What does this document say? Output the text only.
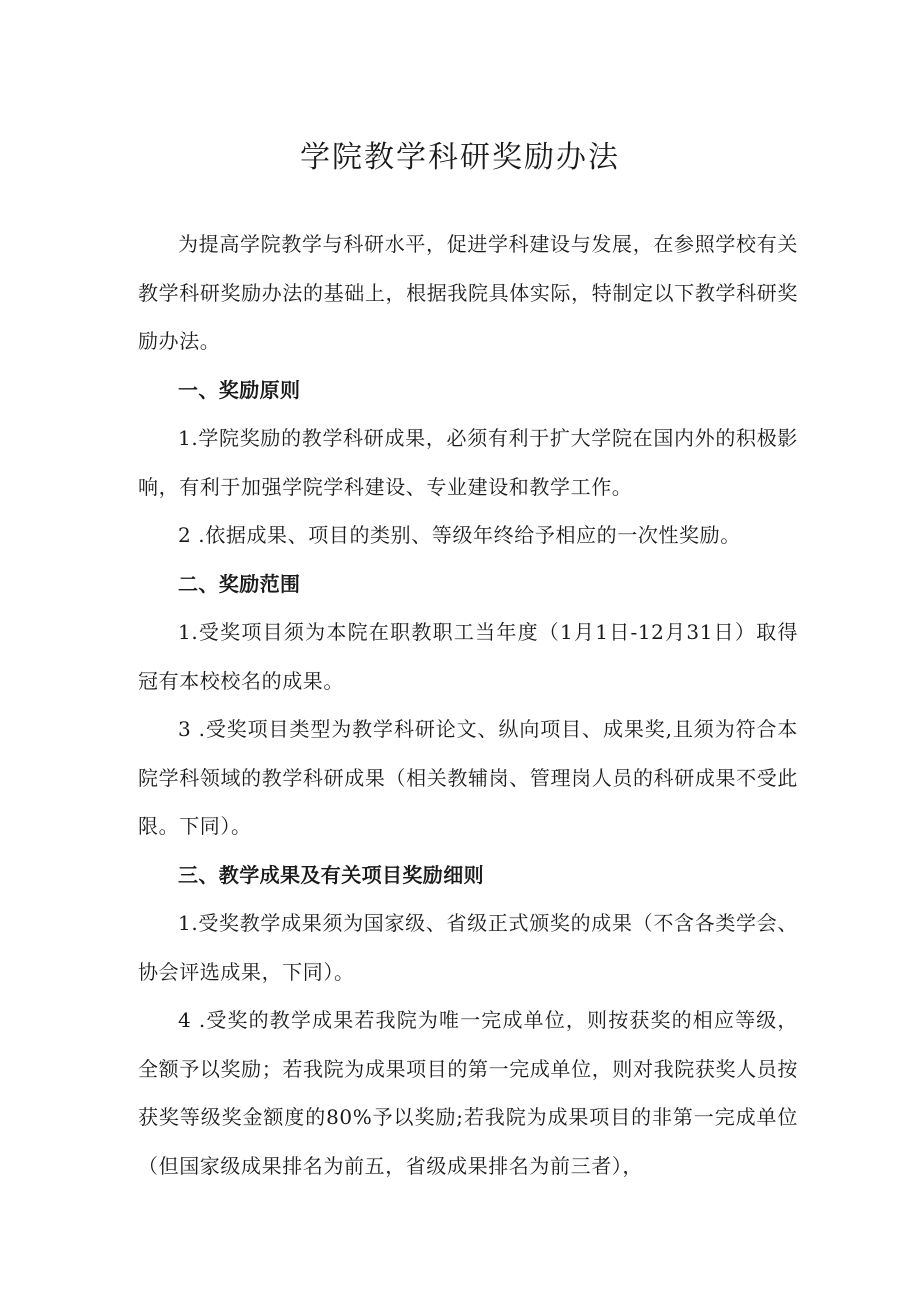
学院教学科研奖励办法

为提高学院教学与科研水平，促进学科建设与发展，在参照学校有关教学科研奖励办法的基础上，根据我院具体实际，特制定以下教学科研奖励办法。

一、奖励原则

1.学院奖励的教学科研成果，必须有利于扩大学院在国内外的积极影响，有利于加强学院学科建设、专业建设和教学工作。

2 .依据成果、项目的类别、等级年终给予相应的一次性奖励。

二、奖励范围

1.受奖项目须为本院在职教职工当年度（1月1日-12月31日）取得冠有本校校名的成果。

3 .受奖项目类型为教学科研论文、纵向项目、成果奖,且须为符合本院学科领域的教学科研成果（相关教辅岗、管理岗人员的科研成果不受此限。下同）。

三、教学成果及有关项目奖励细则

1.受奖教学成果须为国家级、省级正式颁奖的成果（不含各类学会、协会评选成果，下同）。

4 .受奖的教学成果若我院为唯一完成单位，则按获奖的相应等级，全额予以奖励；若我院为成果项目的第一完成单位，则对我院获奖人员按获奖等级奖金额度的80%予以奖励;若我院为成果项目的非第一完成单位（但国家级成果排名为前五，省级成果排名为前三者），
